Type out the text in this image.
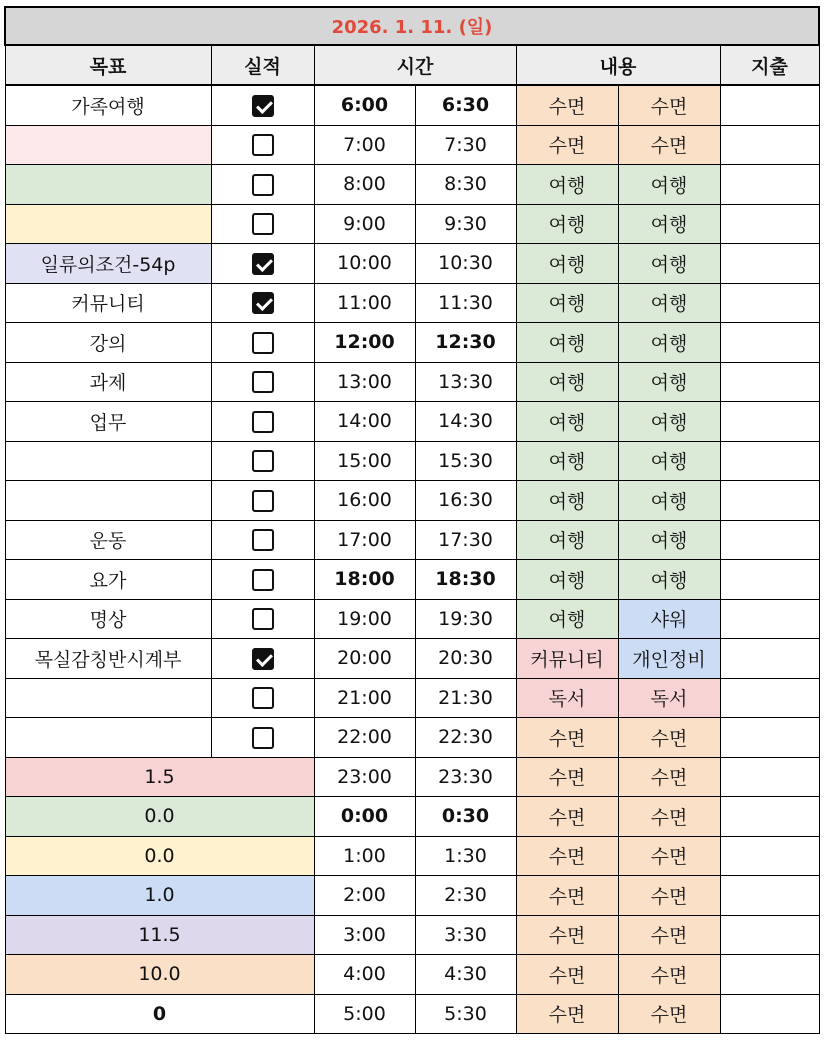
2026. 1. 11. (일)						
목표	실적	시간		내용		지출
가족여행		6:00	6:30	수면	수면	
		7:00	7:30	수면	수면	
		8:00	8:30	여행	여행	
		9:00	9:30	여행	여행	
일류의조건-54p		10:00	10:30	여행	여행	
커뮤니티		11:00	11:30	여행	여행	
강의		12:00	12:30	여행	여행	
과제		13:00	13:30	여행	여행	
업무		14:00	14:30	여행	여행	
		15:00	15:30	여행	여행	
		16:00	16:30	여행	여행	
운동		17:00	17:30	여행	여행	
요가		18:00	18:30	여행	여행	
명상		19:00	19:30	여행	샤워	
목실감칭반시계부		20:00	20:30	커뮤니티	개인정비	
		21:00	21:30	독서	독서	
		22:00	22:30	수면	수면	
1.5		23:00	23:30	수면	수면	
0.0		0:00	0:30	수면	수면	
0.0		1:00	1:30	수면	수면	
1.0		2:00	2:30	수면	수면	
11.5		3:00	3:30	수면	수면	
10.0		4:00	4:30	수면	수면	
0		5:00	5:30	수면	수면	
